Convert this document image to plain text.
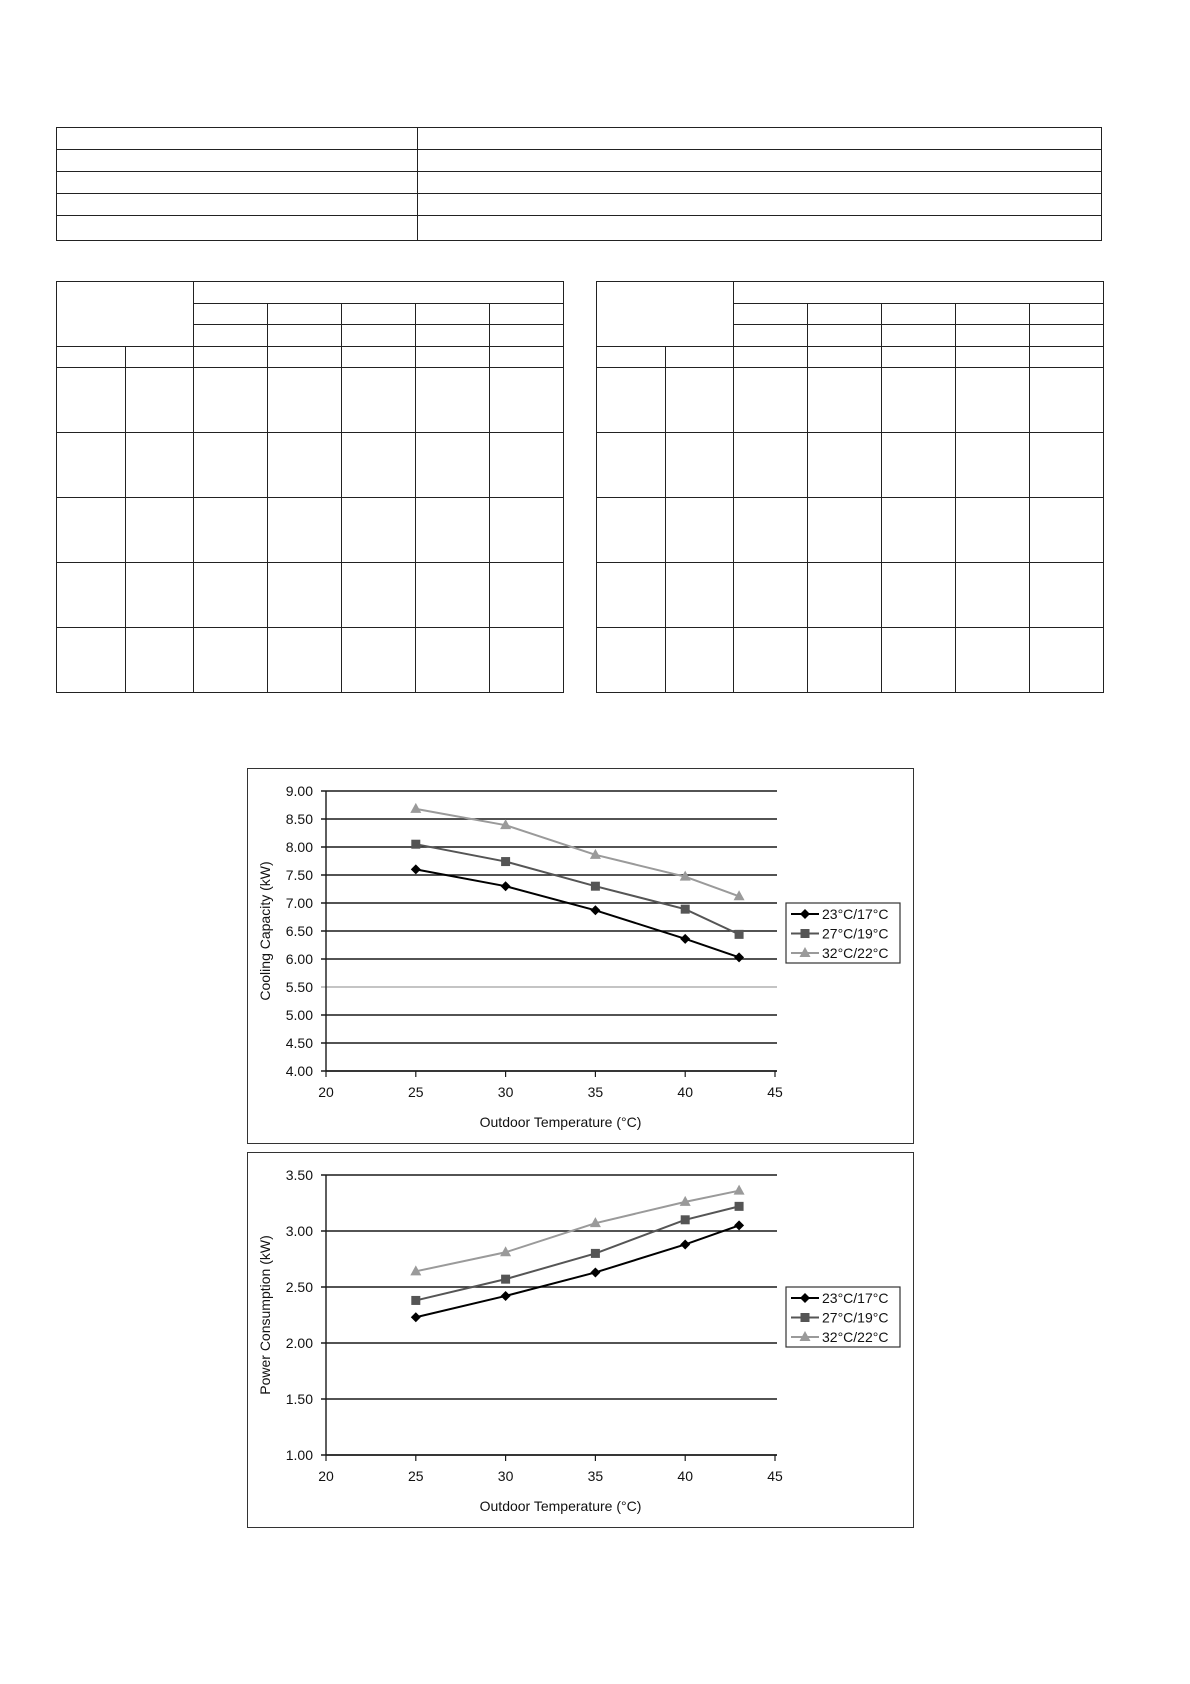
4.00
4.50
5.00
5.50
6.00
6.50
7.00
7.50
8.00
8.50
9.00
20	25	30	35	40	45
Outdoor Temperature (°C)
Cooling Capacity (kW)	23°C/17°C
27°C/19°C
32°C/22°C
1.00
1.50
2.00
2.50
3.00
3.50
20	25	30	35	40	45
Outdoor Temperature (°C)
Power Consumption (kW)	23°C/17°C
27°C/19°C
32°C/22°C
